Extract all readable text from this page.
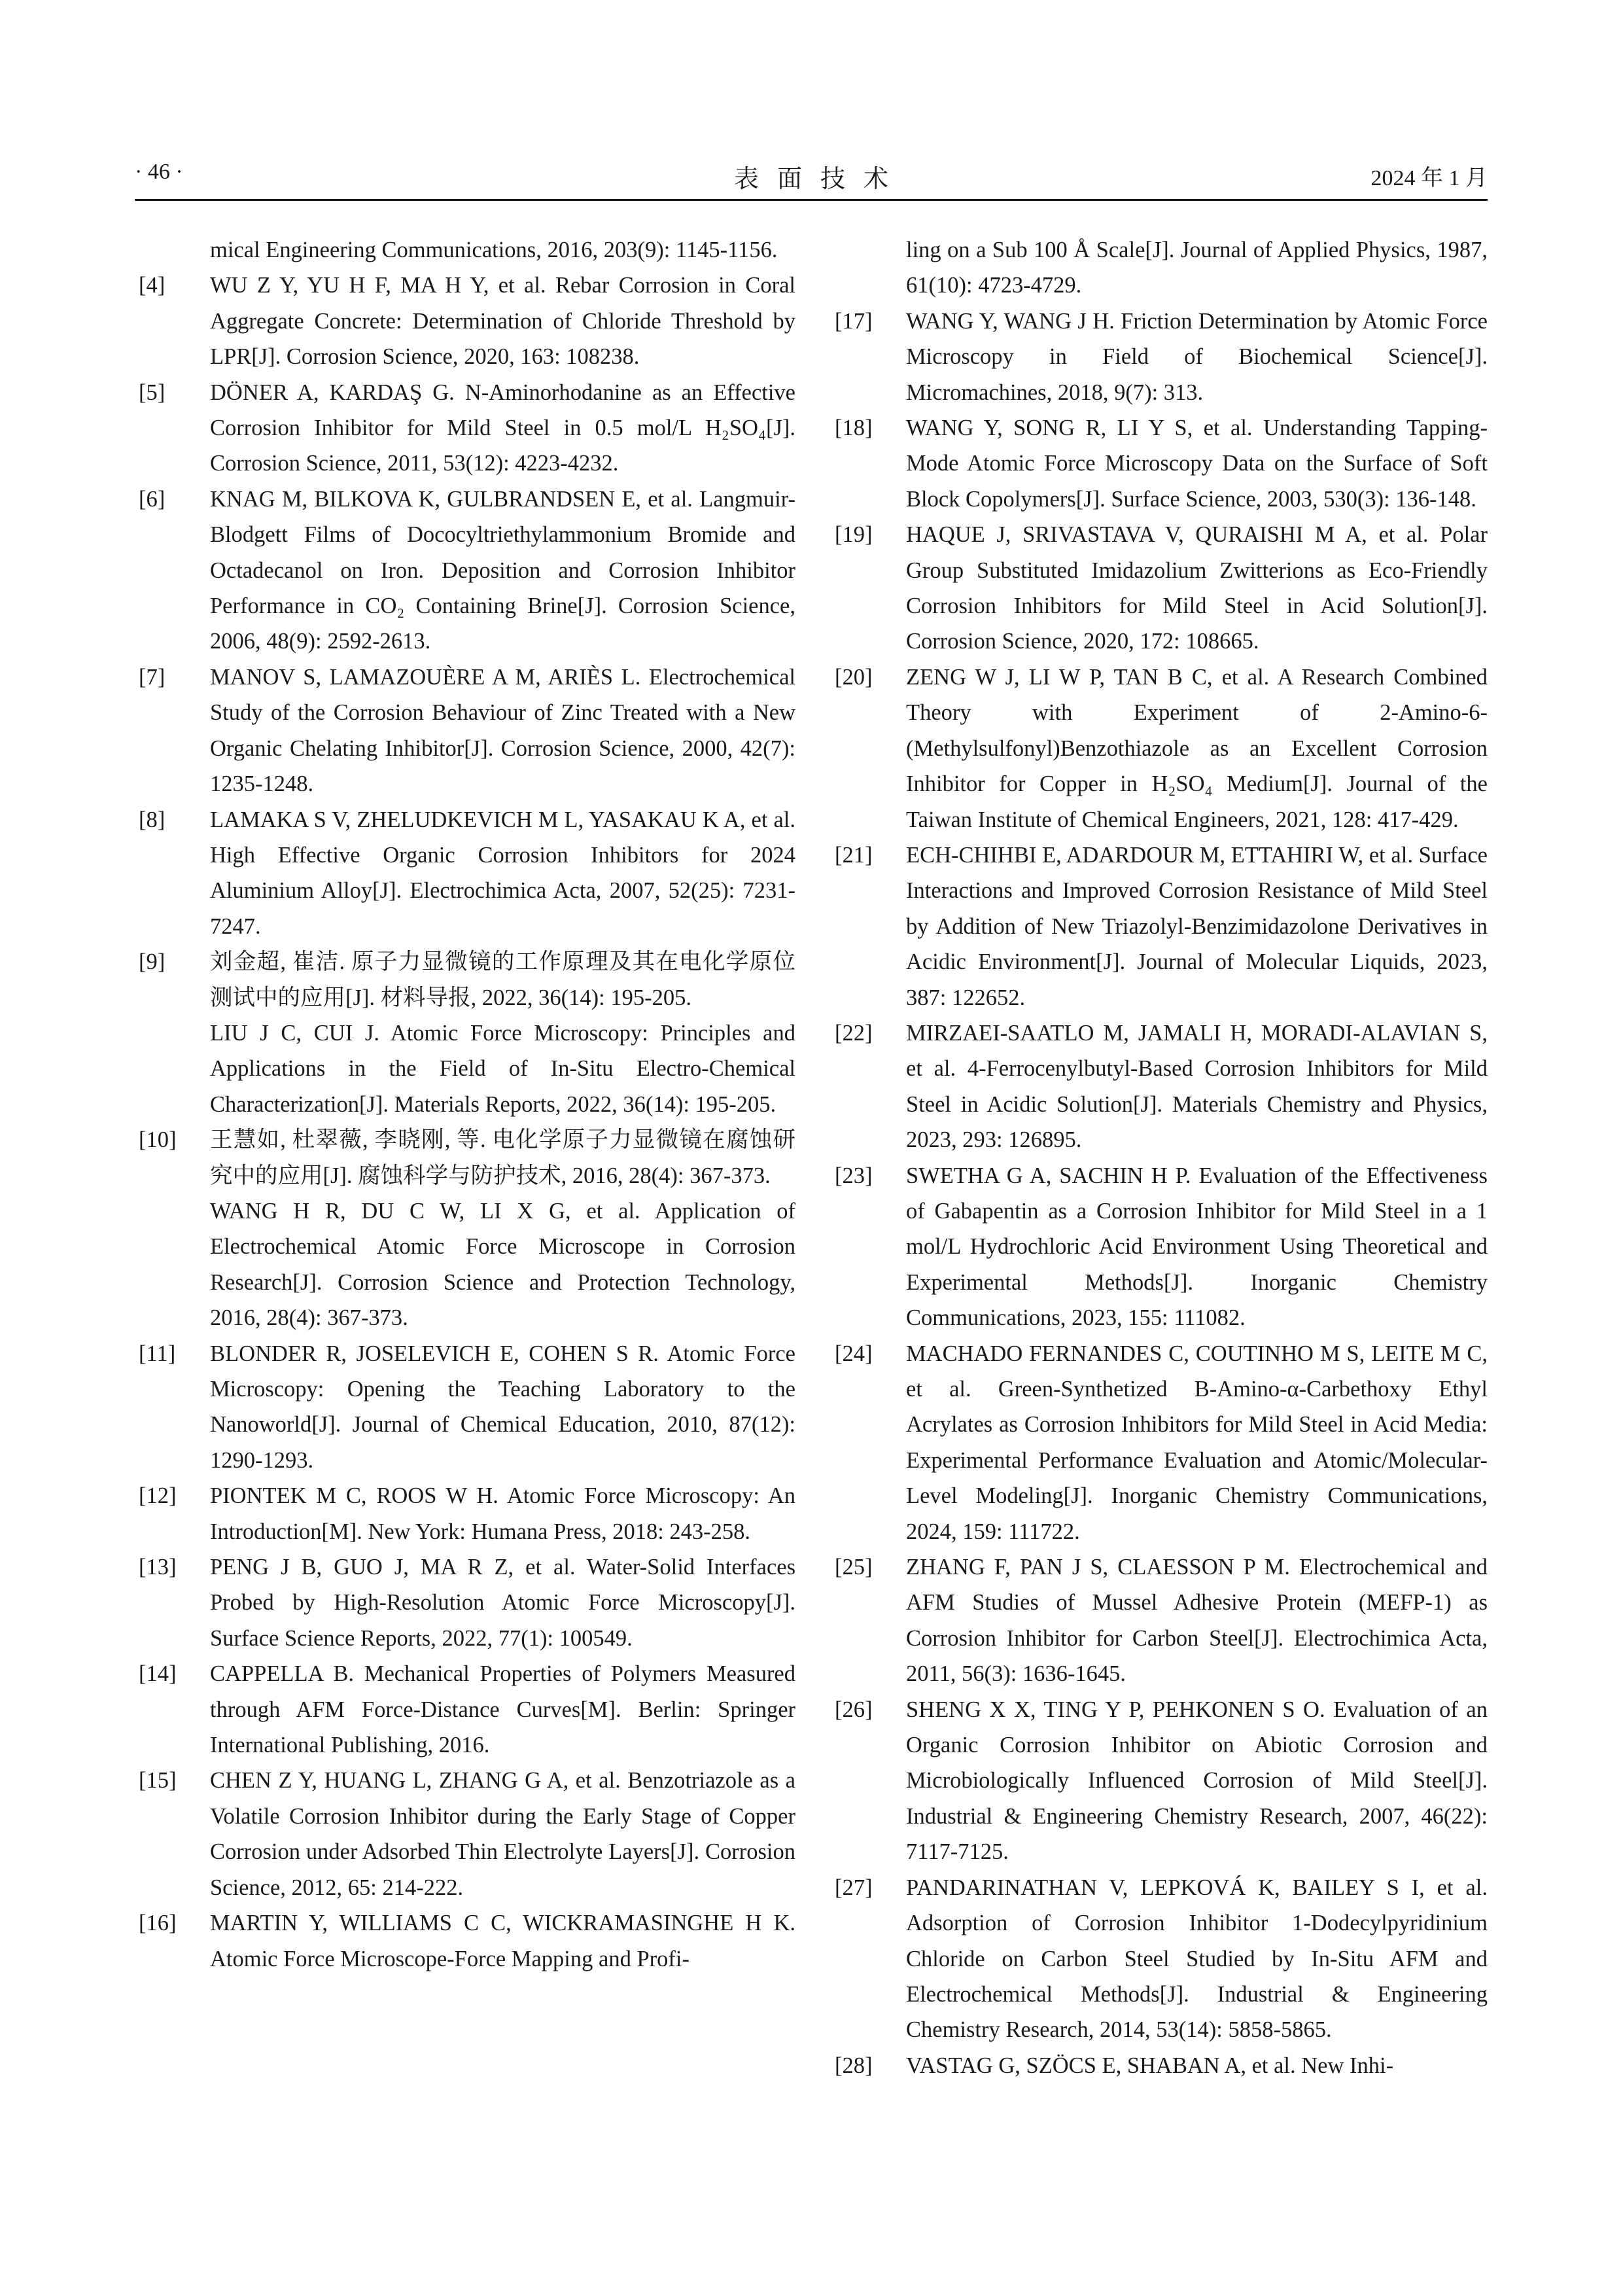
· 46 ·	表面技术	2024 年 1 月
mical Engineering Communications, 2016, 203(9): 1145-1156.
[4] WU Z Y, YU H F, MA H Y, et al. Rebar Corrosion in Coral Aggregate Concrete: Determination of Chloride Threshold by LPR[J]. Corrosion Science, 2020, 163: 108238.
[5] DÖNER A, KARDAŞ G. N-Aminorhodanine as an Effective Corrosion Inhibitor for Mild Steel in 0.5 mol/L H₂SO₄[J]. Corrosion Science, 2011, 53(12): 4223-4232.
[6] KNAG M, BILKOVA K, GULBRANDSEN E, et al. Langmuir-Blodgett Films of Dococyltriethylammonium Bromide and Octadecanol on Iron. Deposition and Corrosion Inhibitor Performance in CO₂ Containing Brine[J]. Corrosion Science, 2006, 48(9): 2592-2613.
[7] MANOV S, LAMAZOUÈRE A M, ARIÈS L. Electrochemical Study of the Corrosion Behaviour of Zinc Treated with a New Organic Chelating Inhibitor[J]. Corrosion Science, 2000, 42(7): 1235-1248.
[8] LAMAKA S V, ZHELUDKEVICH M L, YASAKAU K A, et al. High Effective Organic Corrosion Inhibitors for 2024 Aluminium Alloy[J]. Electrochimica Acta, 2007, 52(25): 7231-7247.
[9] 刘金超, 崔洁. 原子力显微镜的工作原理及其在电化学原位测试中的应用[J]. 材料导报, 2022, 36(14): 195-205.
LIU J C, CUI J. Atomic Force Microscopy: Principles and Applications in the Field of In-Situ Electro-Chemical Characterization[J]. Materials Reports, 2022, 36(14): 195-205.
[10] 王慧如, 杜翠薇, 李晓刚, 等. 电化学原子力显微镜在腐蚀研究中的应用[J]. 腐蚀科学与防护技术, 2016, 28(4): 367-373.
WANG H R, DU C W, LI X G, et al. Application of Electrochemical Atomic Force Microscope in Corrosion Research[J]. Corrosion Science and Protection Technology, 2016, 28(4): 367-373.
[11] BLONDER R, JOSELEVICH E, COHEN S R. Atomic Force Microscopy: Opening the Teaching Laboratory to the Nanoworld[J]. Journal of Chemical Education, 2010, 87(12): 1290-1293.
[12] PIONTEK M C, ROOS W H. Atomic Force Microscopy: An Introduction[M]. New York: Humana Press, 2018: 243-258.
[13] PENG J B, GUO J, MA R Z, et al. Water-Solid Interfaces Probed by High-Resolution Atomic Force Microscopy[J]. Surface Science Reports, 2022, 77(1): 100549.
[14] CAPPELLA B. Mechanical Properties of Polymers Measured through AFM Force-Distance Curves[M]. Berlin: Springer International Publishing, 2016.
[15] CHEN Z Y, HUANG L, ZHANG G A, et al. Benzotriazole as a Volatile Corrosion Inhibitor during the Early Stage of Copper Corrosion under Adsorbed Thin Electrolyte Layers[J]. Corrosion Science, 2012, 65: 214-222.
[16] MARTIN Y, WILLIAMS C C, WICKRAMASINGHE H K. Atomic Force Microscope-Force Mapping and Profi-
ling on a Sub 100 Å Scale[J]. Journal of Applied Physics, 1987, 61(10): 4723-4729.
[17] WANG Y, WANG J H. Friction Determination by Atomic Force Microscopy in Field of Biochemical Science[J]. Micromachines, 2018, 9(7): 313.
[18] WANG Y, SONG R, LI Y S, et al. Understanding Tapping-Mode Atomic Force Microscopy Data on the Surface of Soft Block Copolymers[J]. Surface Science, 2003, 530(3): 136-148.
[19] HAQUE J, SRIVASTAVA V, QURAISHI M A, et al. Polar Group Substituted Imidazolium Zwitterions as Eco-Friendly Corrosion Inhibitors for Mild Steel in Acid Solution[J]. Corrosion Science, 2020, 172: 108665.
[20] ZENG W J, LI W P, TAN B C, et al. A Research Combined Theory with Experiment of 2-Amino-6-(Methylsulfonyl)Benzothiazole as an Excellent Corrosion Inhibitor for Copper in H₂SO₄ Medium[J]. Journal of the Taiwan Institute of Chemical Engineers, 2021, 128: 417-429.
[21] ECH-CHIHBI E, ADARDOUR M, ETTAHIRI W, et al. Surface Interactions and Improved Corrosion Resistance of Mild Steel by Addition of New Triazolyl-Benzimidazolone Derivatives in Acidic Environment[J]. Journal of Molecular Liquids, 2023, 387: 122652.
[22] MIRZAEI-SAATLO M, JAMALI H, MORADI-ALAVIAN S, et al. 4-Ferrocenylbutyl-Based Corrosion Inhibitors for Mild Steel in Acidic Solution[J]. Materials Chemistry and Physics, 2023, 293: 126895.
[23] SWETHA G A, SACHIN H P. Evaluation of the Effectiveness of Gabapentin as a Corrosion Inhibitor for Mild Steel in a 1 mol/L Hydrochloric Acid Environment Using Theoretical and Experimental Methods[J]. Inorganic Chemistry Communications, 2023, 155: 111082.
[24] MACHADO FERNANDES C, COUTINHO M S, LEITE M C, et al. Green-Synthetized B-Amino-α-Carbethoxy Ethyl Acrylates as Corrosion Inhibitors for Mild Steel in Acid Media: Experimental Performance Evaluation and Atomic/Molecular-Level Modeling[J]. Inorganic Chemistry Communications, 2024, 159: 111722.
[25] ZHANG F, PAN J S, CLAESSON P M. Electrochemical and AFM Studies of Mussel Adhesive Protein (MEFP-1) as Corrosion Inhibitor for Carbon Steel[J]. Electrochimica Acta, 2011, 56(3): 1636-1645.
[26] SHENG X X, TING Y P, PEHKONEN S O. Evaluation of an Organic Corrosion Inhibitor on Abiotic Corrosion and Microbiologically Influenced Corrosion of Mild Steel[J]. Industrial & Engineering Chemistry Research, 2007, 46(22): 7117-7125.
[27] PANDARINATHAN V, LEPKOVÁ K, BAILEY S I, et al. Adsorption of Corrosion Inhibitor 1-Dodecylpyridinium Chloride on Carbon Steel Studied by In-Situ AFM and Electrochemical Methods[J]. Industrial & Engineering Chemistry Research, 2014, 53(14): 5858-5865.
[28] VASTAG G, SZÖCS E, SHABAN A, et al. New Inhi-
